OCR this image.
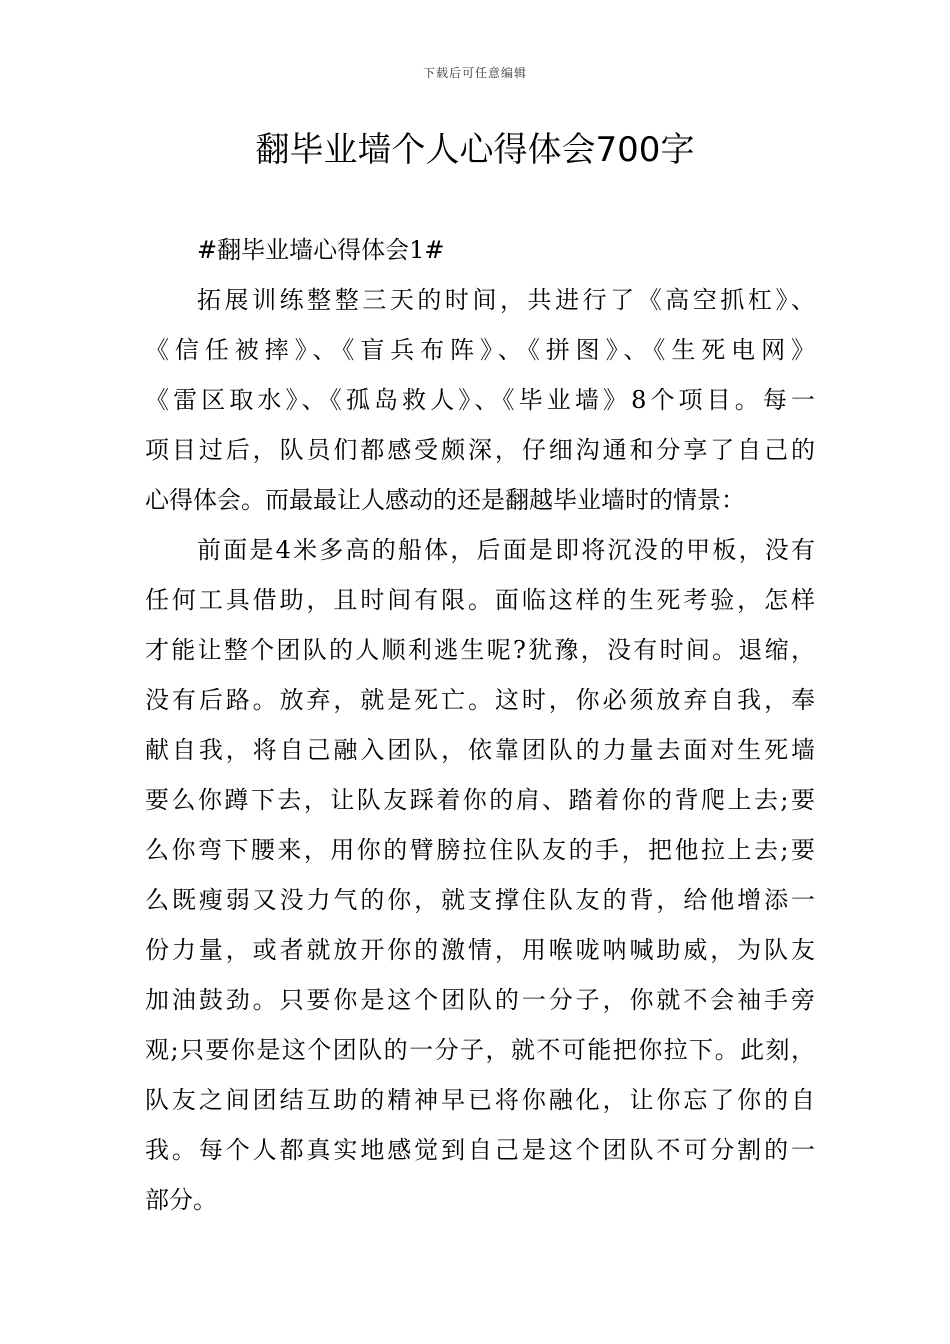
下载后可任意编辑
翻毕业墙个人心得体会700字
#翻毕业墙心得体会1#
拓展训练整整三天的时间，共进行了《高空抓杠》、
《信任被摔》、《盲兵布阵》、《拼图》、《生死电网》
《雷区取水》、《孤岛救人》、《毕业墙》8个项目。每一
项目过后，队员们都感受颇深，仔细沟通和分享了自己的
心得体会。而最最让人感动的还是翻越毕业墙时的情景：
前面是4米多高的船体，后面是即将沉没的甲板，没有
任何工具借助，且时间有限。面临这样的生死考验，怎样
才能让整个团队的人顺利逃生呢?犹豫，没有时间。退缩，
没有后路。放弃，就是死亡。这时，你必须放弃自我，奉
献自我，将自己融入团队，依靠团队的力量去面对生死墙
要么你蹲下去，让队友踩着你的肩、踏着你的背爬上去;要
么你弯下腰来，用你的臂膀拉住队友的手，把他拉上去;要
么既瘦弱又没力气的你，就支撑住队友的背，给他增添一
份力量，或者就放开你的激情，用喉咙呐喊助威，为队友
加油鼓劲。只要你是这个团队的一分子，你就不会袖手旁
观;只要你是这个团队的一分子，就不可能把你拉下。此刻，
队友之间团结互助的精神早已将你融化，让你忘了你的自
我。每个人都真实地感觉到自己是这个团队不可分割的一
部分。
